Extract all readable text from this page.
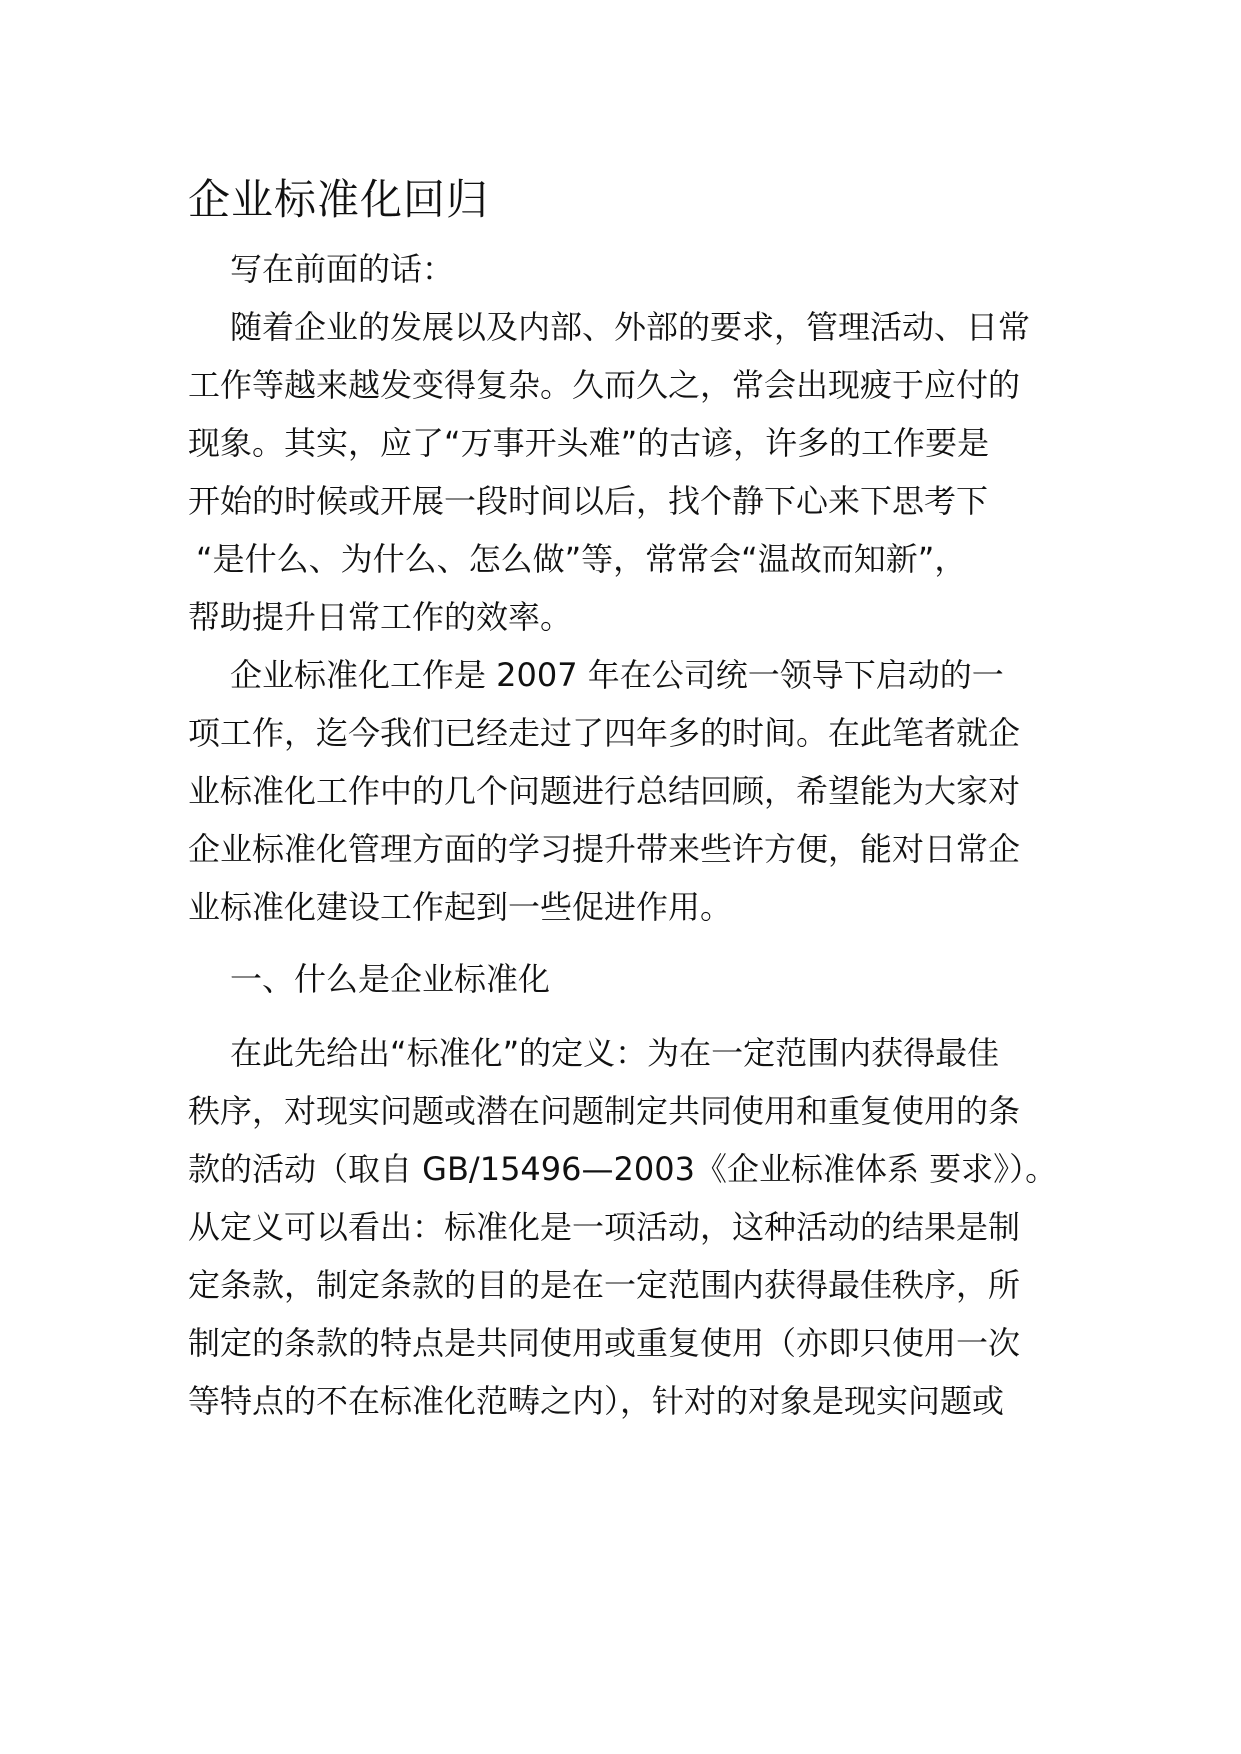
企业标准化回归

写在前面的话：

随着企业的发展以及内部、外部的要求，管理活动、日常

工作等越来越发变得复杂。久而久之，常会出现疲于应付的

现象。其实，应了“万事开头难”的古谚，许多的工作要是

开始的时候或开展一段时间以后，找个静下心来下思考下

“是什么、为什么、怎么做”等，常常会“温故而知新”，

帮助提升日常工作的效率。

企业标准化工作是 2007 年在公司统一领导下启动的一

项工作，迄今我们已经走过了四年多的时间。在此笔者就企

业标准化工作中的几个问题进行总结回顾，希望能为大家对

企业标准化管理方面的学习提升带来些许方便，能对日常企

业标准化建设工作起到一些促进作用。

一、什么是企业标准化

在此先给出“标准化”的定义：为在一定范围内获得最佳

秩序，对现实问题或潜在问题制定共同使用和重复使用的条

款的活动（取自 GB/15496—2003《企业标准体系 要求》）。

从定义可以看出：标准化是一项活动，这种活动的结果是制

定条款，制定条款的目的是在一定范围内获得最佳秩序，所

制定的条款的特点是共同使用或重复使用（亦即只使用一次

等特点的不在标准化范畴之内），针对的对象是现实问题或
